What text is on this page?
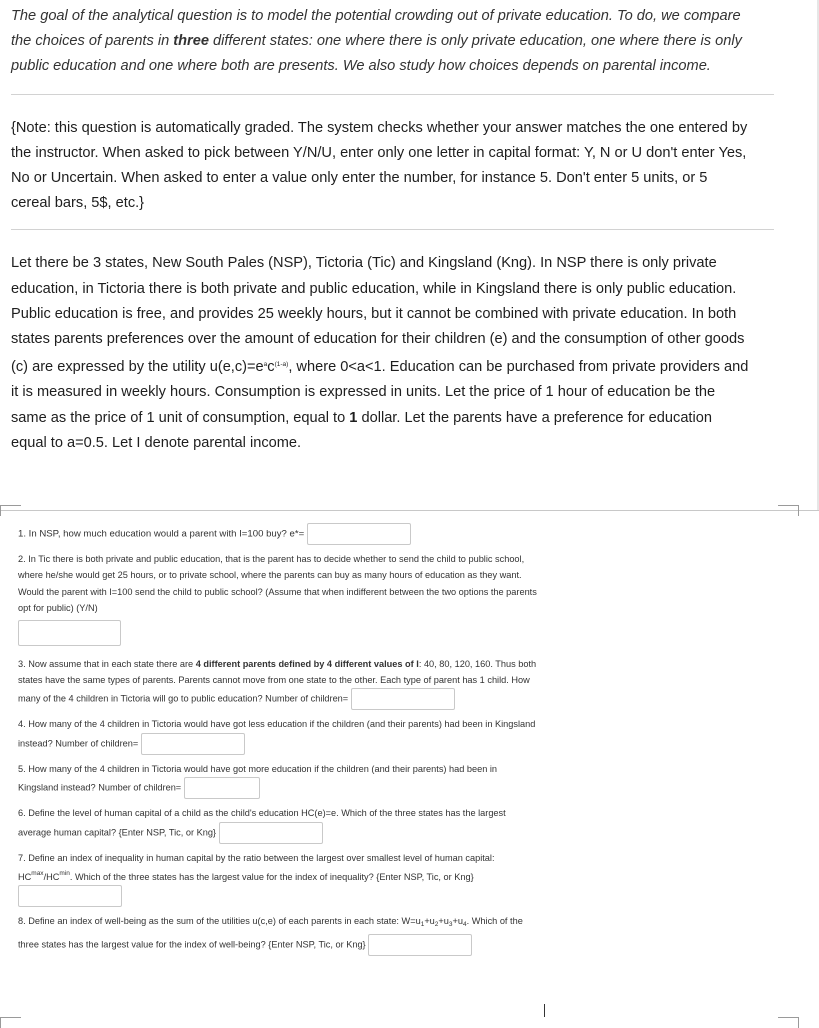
The goal of the analytical question is to model the potential crowding out of private education. To do, we compare the choices of parents in three different states: one where there is only private education, one where there is only public education and one where both are presents. We also study how choices depends on parental income.
{Note: this question is automatically graded. The system checks whether your answer matches the one entered by the instructor. When asked to pick between Y/N/U, enter only one letter in capital format: Y, N or U don't enter Yes, No or Uncertain. When asked to enter a value only enter the number, for instance 5. Don't enter 5 units, or 5 cereal bars, 5$, etc.}
Let there be 3 states, New South Pales (NSP), Tictoria (Tic) and Kingsland (Kng). In NSP there is only private education, in Tictoria there is both private and public education, while in Kingsland there is only public education. Public education is free, and provides 25 weekly hours, but it cannot be combined with private education. In both states parents preferences over the amount of education for their children (e) and the consumption of other goods (c) are expressed by the utility $u(e,c)=e^ac^{(1-a)}$, where 0<a<1. Education can be purchased from private providers and it is measured in weekly hours. Consumption is expressed in units. Let the price of 1 hour of education be the same as the price of 1 unit of consumption, equal to 1 dollar. Let the parents have a preference for education equal to a=0.5. Let I denote parental income.
1. In NSP, how much education would a parent with I=100 buy? e*=
2. In Tic there is both private and public education, that is the parent has to decide whether to send the child to public school, where he/she would get 25 hours, or to private school, where the parents can buy as many hours of education as they want. Would the parent with I=100 send the child to public school? (Assume that when indifferent between the two options the parents opt for public) (Y/N)
3. Now assume that in each state there are 4 different parents defined by 4 different values of I: 40, 80, 120, 160. Thus both states have the same types of parents. Parents cannot move from one state to the other. Each type of parent has 1 child. How many of the 4 children in Tictoria will go to public education? Number of children=
4. How many of the 4 children in Tictoria would have got less education if the children (and their parents) had been in Kingsland instead? Number of children=
5. How many of the 4 children in Tictoria would have got more education if the children (and their parents) had been in Kingsland instead? Number of children=
6. Define the level of human capital of a child as the child's education HC(e)=e. Which of the three states has the largest average human capital? {Enter NSP, Tic, or Kng}
7. Define an index of inequality in human capital by the ratio between the largest over smallest level of human capital: $HC^{max}/HC^{min}$. Which of the three states has the largest value for the index of inequality? {Enter NSP, Tic, or Kng}
8. Define an index of well-being as the sum of the utilities u(c,e) of each parents in each state: $W=u_1+u_2+u_3+u_4$. Which of the three states has the largest value for the index of well-being? {Enter NSP, Tic, or Kng}
